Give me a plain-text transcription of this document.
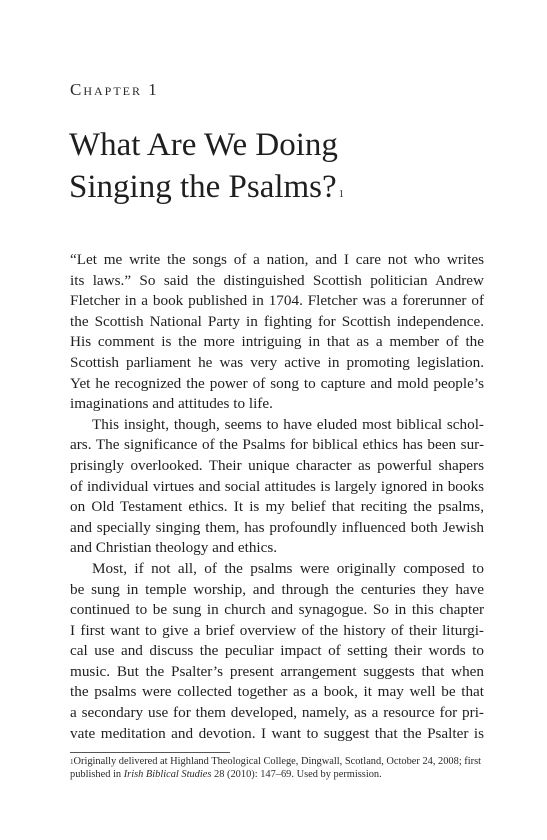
Chapter 1
What Are We Doing
Singing the Psalms? $^1$
“Let me write the songs of a nation, and I care not who writes
its laws.” So said the distinguished Scottish politician Andrew
Fletcher in a book published in 1704. Fletcher was a forerunner of
the Scottish National Party in fighting for Scottish independence.
His comment is the more intriguing in that as a member of the
Scottish parliament he was very active in promoting legislation.
Yet he recognized the power of song to capture and mold people’s
imaginations and attitudes to life.
This insight, though, seems to have eluded most biblical schol-
ars. The significance of the Psalms for biblical ethics has been sur-
prisingly overlooked. Their unique character as powerful shapers
of individual virtues and social attitudes is largely ignored in books
on Old Testament ethics. It is my belief that reciting the psalms,
and specially singing them, has profoundly influenced both Jewish
and Christian theology and ethics.
Most, if not all, of the psalms were originally composed to
be sung in temple worship, and through the centuries they have
continued to be sung in church and synagogue. So in this chapter
I first want to give a brief overview of the history of their liturgi-
cal use and discuss the peculiar impact of setting their words to
music. But the Psalter’s present arrangement suggests that when
the psalms were collected together as a book, it may well be that
a secondary use for them developed, namely, as a resource for pri-
vate meditation and devotion. I want to suggest that the Psalter is
$^1$Originally delivered at Highland Theological College, Dingwall, Scotland, October 24, 2008; first
published in Irish Biblical Studies 28 (2010): 147–69. Used by permission.
